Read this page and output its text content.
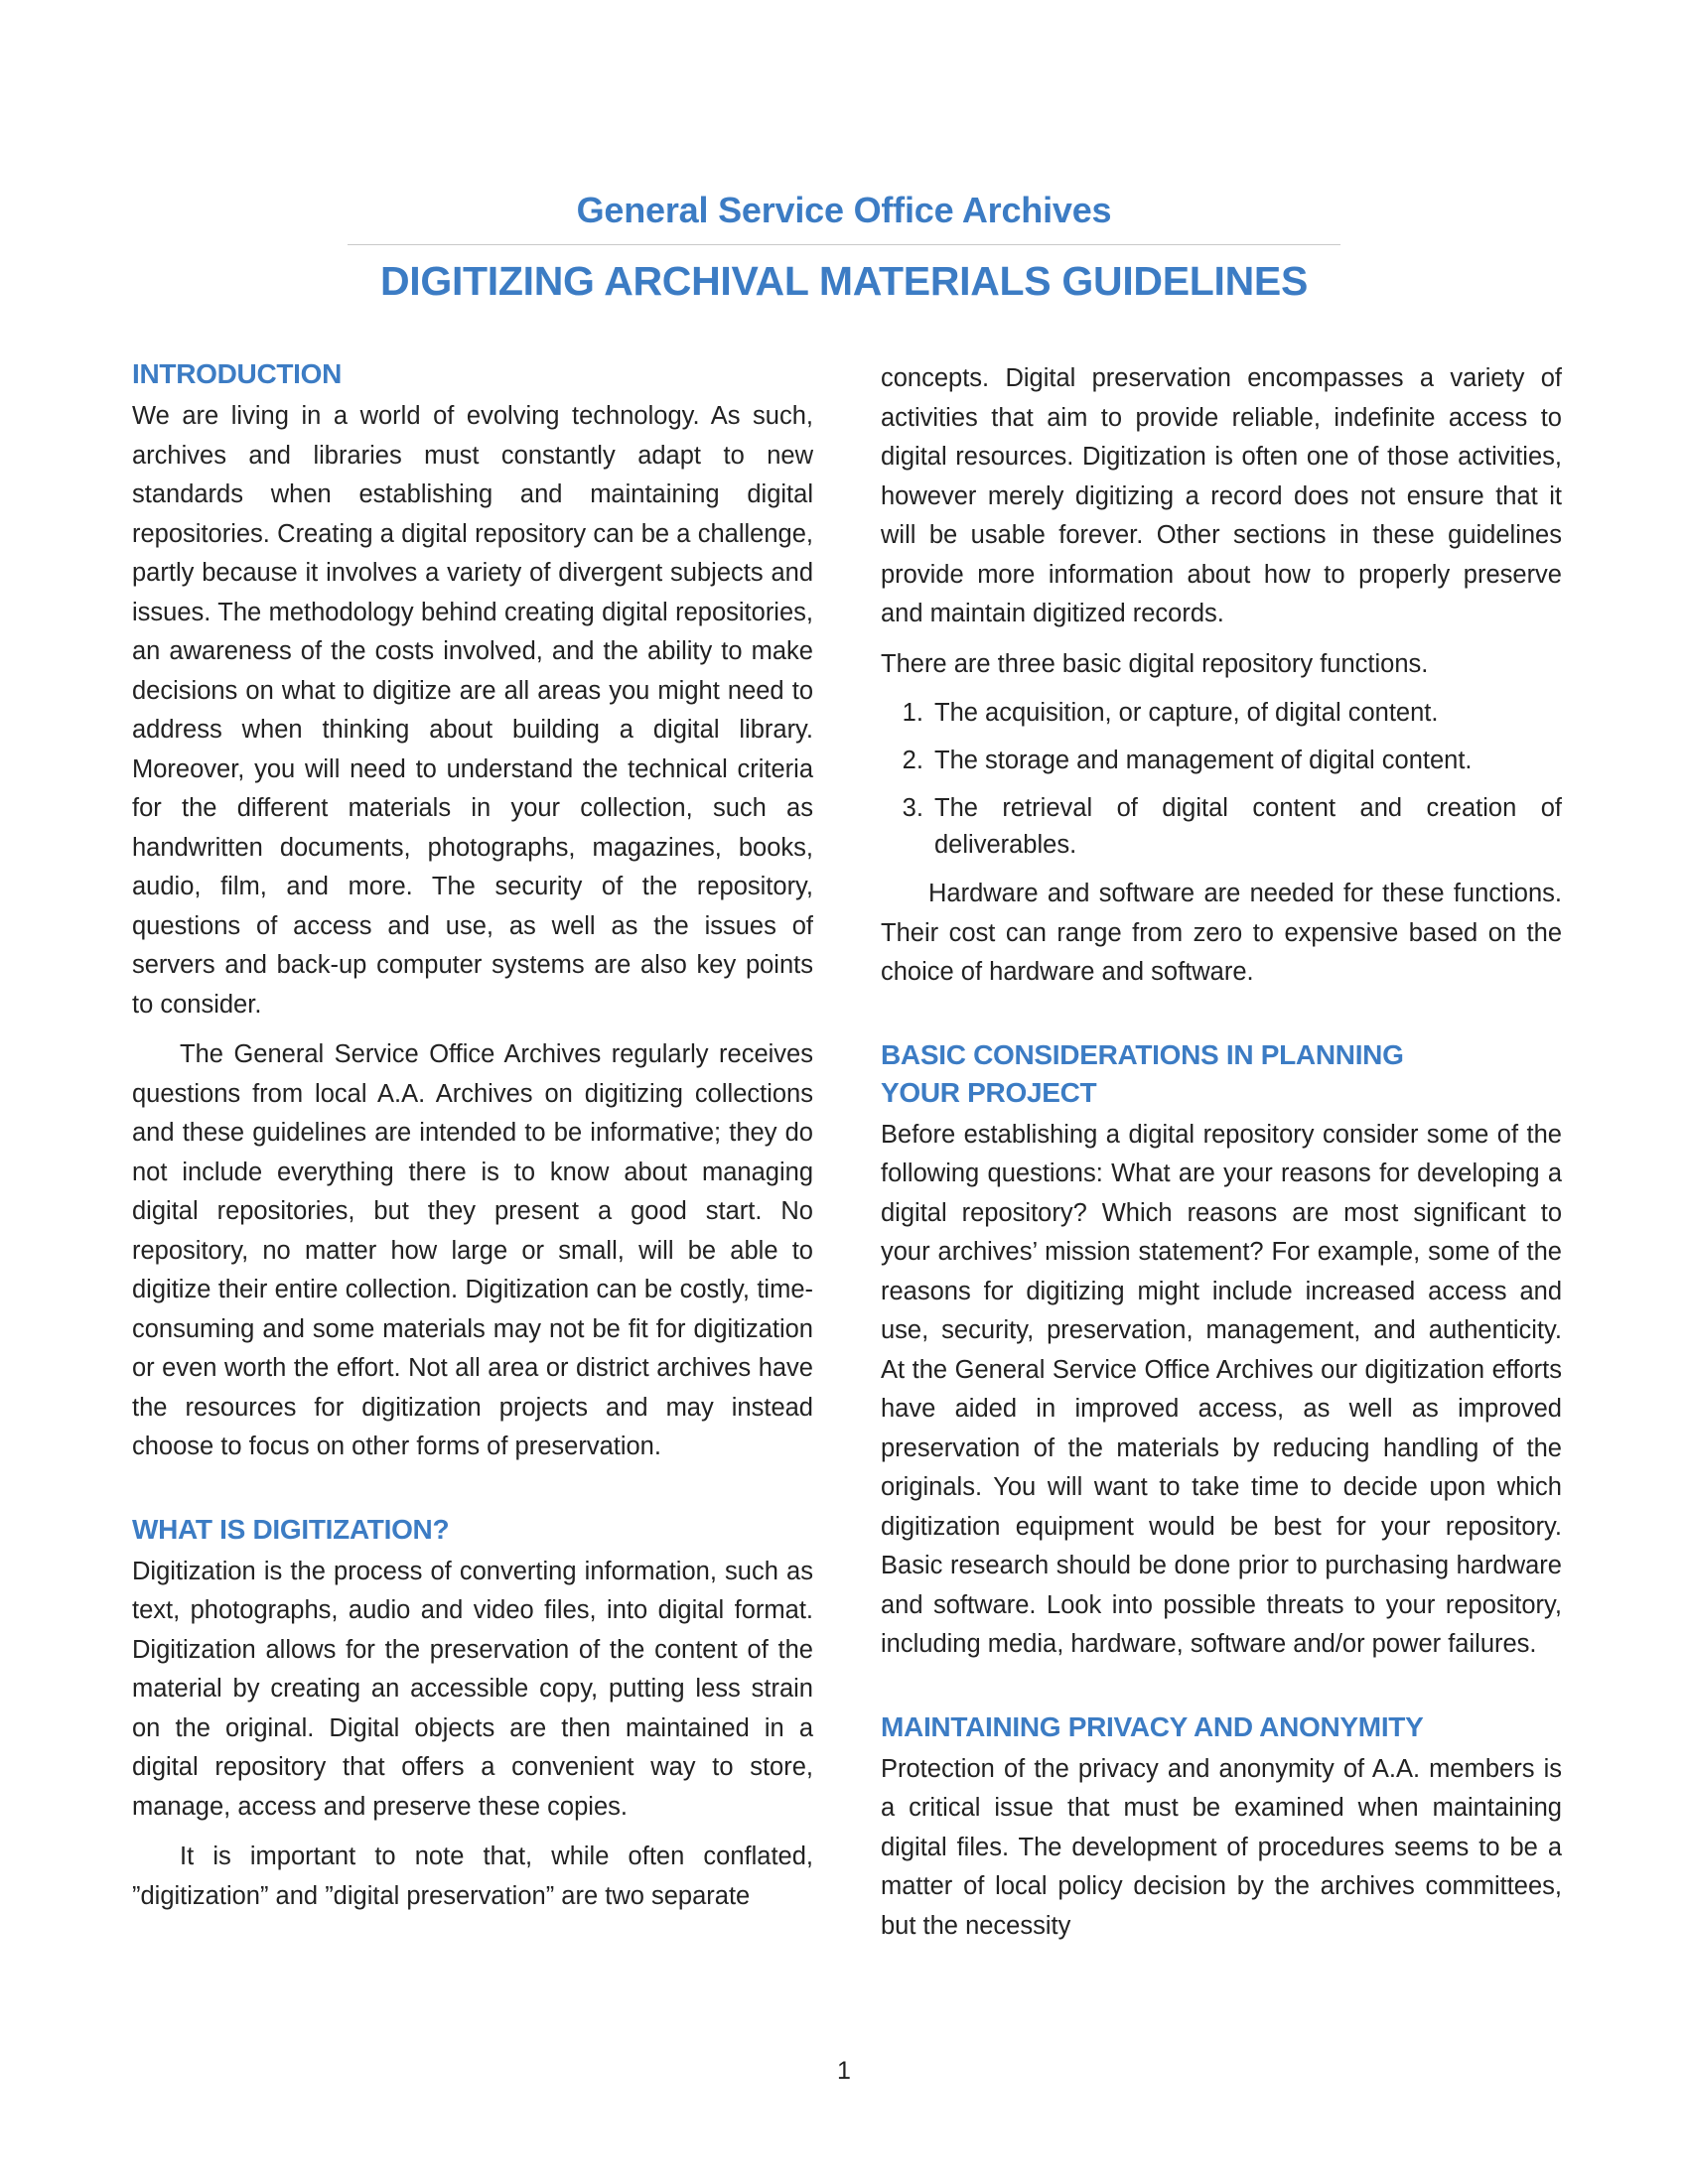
General Service Office Archives
DIGITIZING ARCHIVAL MATERIALS GUIDELINES
INTRODUCTION

We are living in a world of evolving technology. As such, archives and libraries must constantly adapt to new standards when establishing and maintaining digital repositories. Creating a digital repository can be a challenge, partly because it involves a variety of divergent subjects and issues. The methodology behind creating digital repositories, an awareness of the costs involved, and the ability to make decisions on what to digitize are all areas you might need to address when thinking about building a digital library. Moreover, you will need to understand the technical criteria for the different materials in your collection, such as handwritten documents, photographs, magazines, books, audio, film, and more. The security of the repository, questions of access and use, as well as the issues of servers and back-up computer systems are also key points to consider.

The General Service Office Archives regularly receives questions from local A.A. Archives on digitizing collections and these guidelines are intended to be informative; they do not include everything there is to know about managing digital repositories, but they present a good start. No repository, no matter how large or small, will be able to digitize their entire collection. Digitization can be costly, time-consuming and some materials may not be fit for digitization or even worth the effort. Not all area or district archives have the resources for digitization projects and may instead choose to focus on other forms of preservation.

WHAT IS DIGITIZATION?

Digitization is the process of converting information, such as text, photographs, audio and video files, into digital format. Digitization allows for the preservation of the content of the material by creating an accessible copy, putting less strain on the original. Digital objects are then maintained in a digital repository that offers a convenient way to store, manage, access and preserve these copies.

It is important to note that, while often conflated, ”digitization” and ”digital preservation” are two separate

concepts. Digital preservation encompasses a variety of activities that aim to provide reliable, indefinite access to digital resources. Digitization is often one of those activities, however merely digitizing a record does not ensure that it will be usable forever. Other sections in these guidelines provide more information about how to properly preserve and maintain digitized records.

There are three basic digital repository functions.

1. The acquisition, or capture, of digital content.
2. The storage and management of digital content.
3. The retrieval of digital content and creation of deliverables.

Hardware and software are needed for these functions. Their cost can range from zero to expensive based on the choice of hardware and software.

BASIC CONSIDERATIONS IN PLANNING
YOUR PROJECT

Before establishing a digital repository consider some of the following questions: What are your reasons for developing a digital repository? Which reasons are most significant to your archives’ mission statement? For example, some of the reasons for digitizing might include increased access and use, security, preservation, management, and authenticity. At the General Service Office Archives our digitization efforts have aided in improved access, as well as improved preservation of the materials by reducing handling of the originals. You will want to take time to decide upon which digitization equipment would be best for your repository. Basic research should be done prior to purchasing hardware and software. Look into possible threats to your repository, including media, hardware, software and/or power failures.

MAINTAINING PRIVACY AND ANONYMITY

Protection of the privacy and anonymity of A.A. members is a critical issue that must be examined when maintaining digital files. The development of procedures seems to be a matter of local policy decision by the archives committees, but the necessity

1
